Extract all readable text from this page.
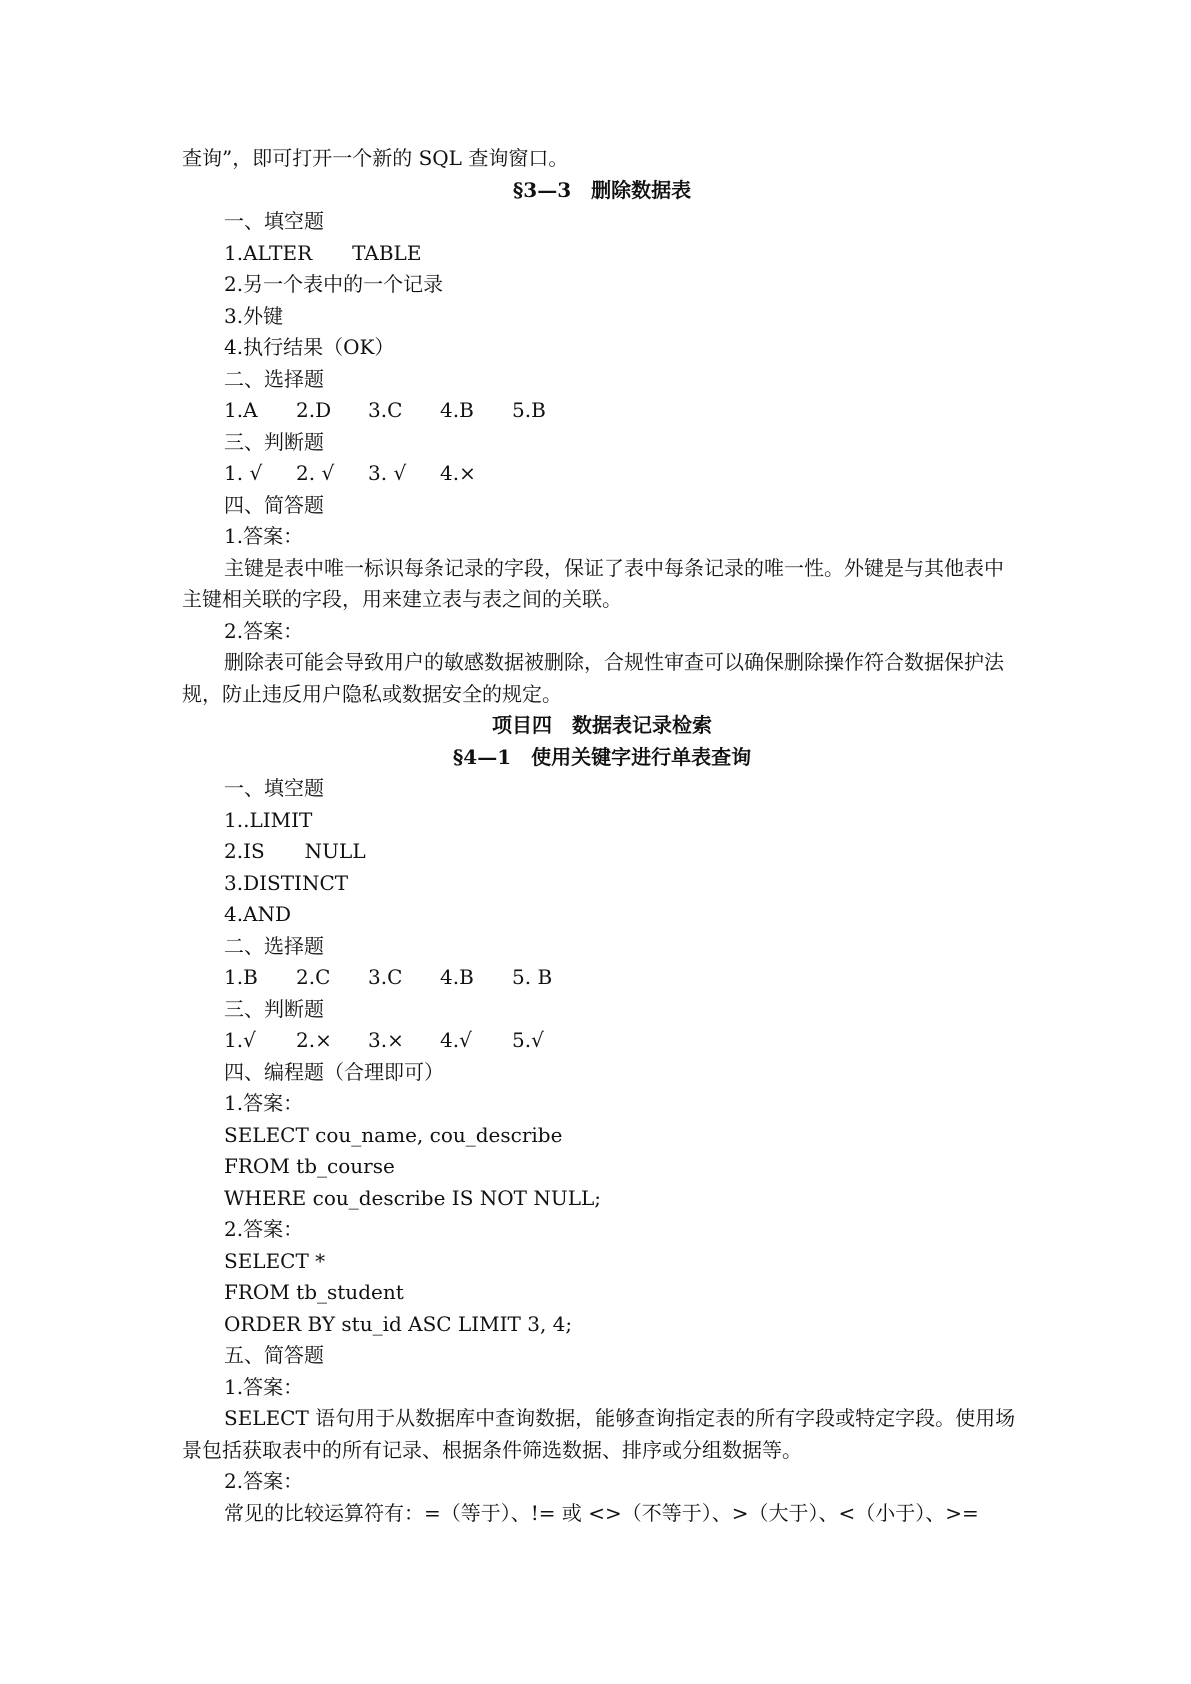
查询”，即可打开一个新的 SQL 查询窗口。
§3—3　删除数据表
一、填空题
1.ALTER　　TABLE
2.另一个表中的一个记录
3.外键
4.执行结果（OK）
二、选择题
1.A 2.D 3.C 4.B 5.B
三、判断题
1. √ 2. √ 3. √ 4.×
四、简答题
1.答案：
主键是表中唯一标识每条记录的字段，保证了表中每条记录的唯一性。外键是与其他表中主键相关联的字段，用来建立表与表之间的关联。
2.答案：
删除表可能会导致用户的敏感数据被删除，合规性审查可以确保删除操作符合数据保护法规，防止违反用户隐私或数据安全的规定。
项目四　数据表记录检索
§4—1　使用关键字进行单表查询
一、填空题
1..LIMIT
2.IS　　NULL
3.DISTINCT
4.AND
二、选择题
1.B 2.C 3.C 4.B 5. B
三、判断题
1.√ 2.× 3.× 4.√ 5.√
四、编程题（合理即可）
1.答案：
SELECT cou_name, cou_describe
FROM tb_course
WHERE cou_describe IS NOT NULL;
2.答案：
SELECT *
FROM tb_student
ORDER BY stu_id ASC LIMIT 3, 4;
五、简答题
1.答案：
SELECT 语句用于从数据库中查询数据，能够查询指定表的所有字段或特定字段。使用场景包括获取表中的所有记录、根据条件筛选数据、排序或分组数据等。
2.答案：
常见的比较运算符有：=（等于）、!= 或 <>（不等于）、>（大于）、<（小于）、>=
